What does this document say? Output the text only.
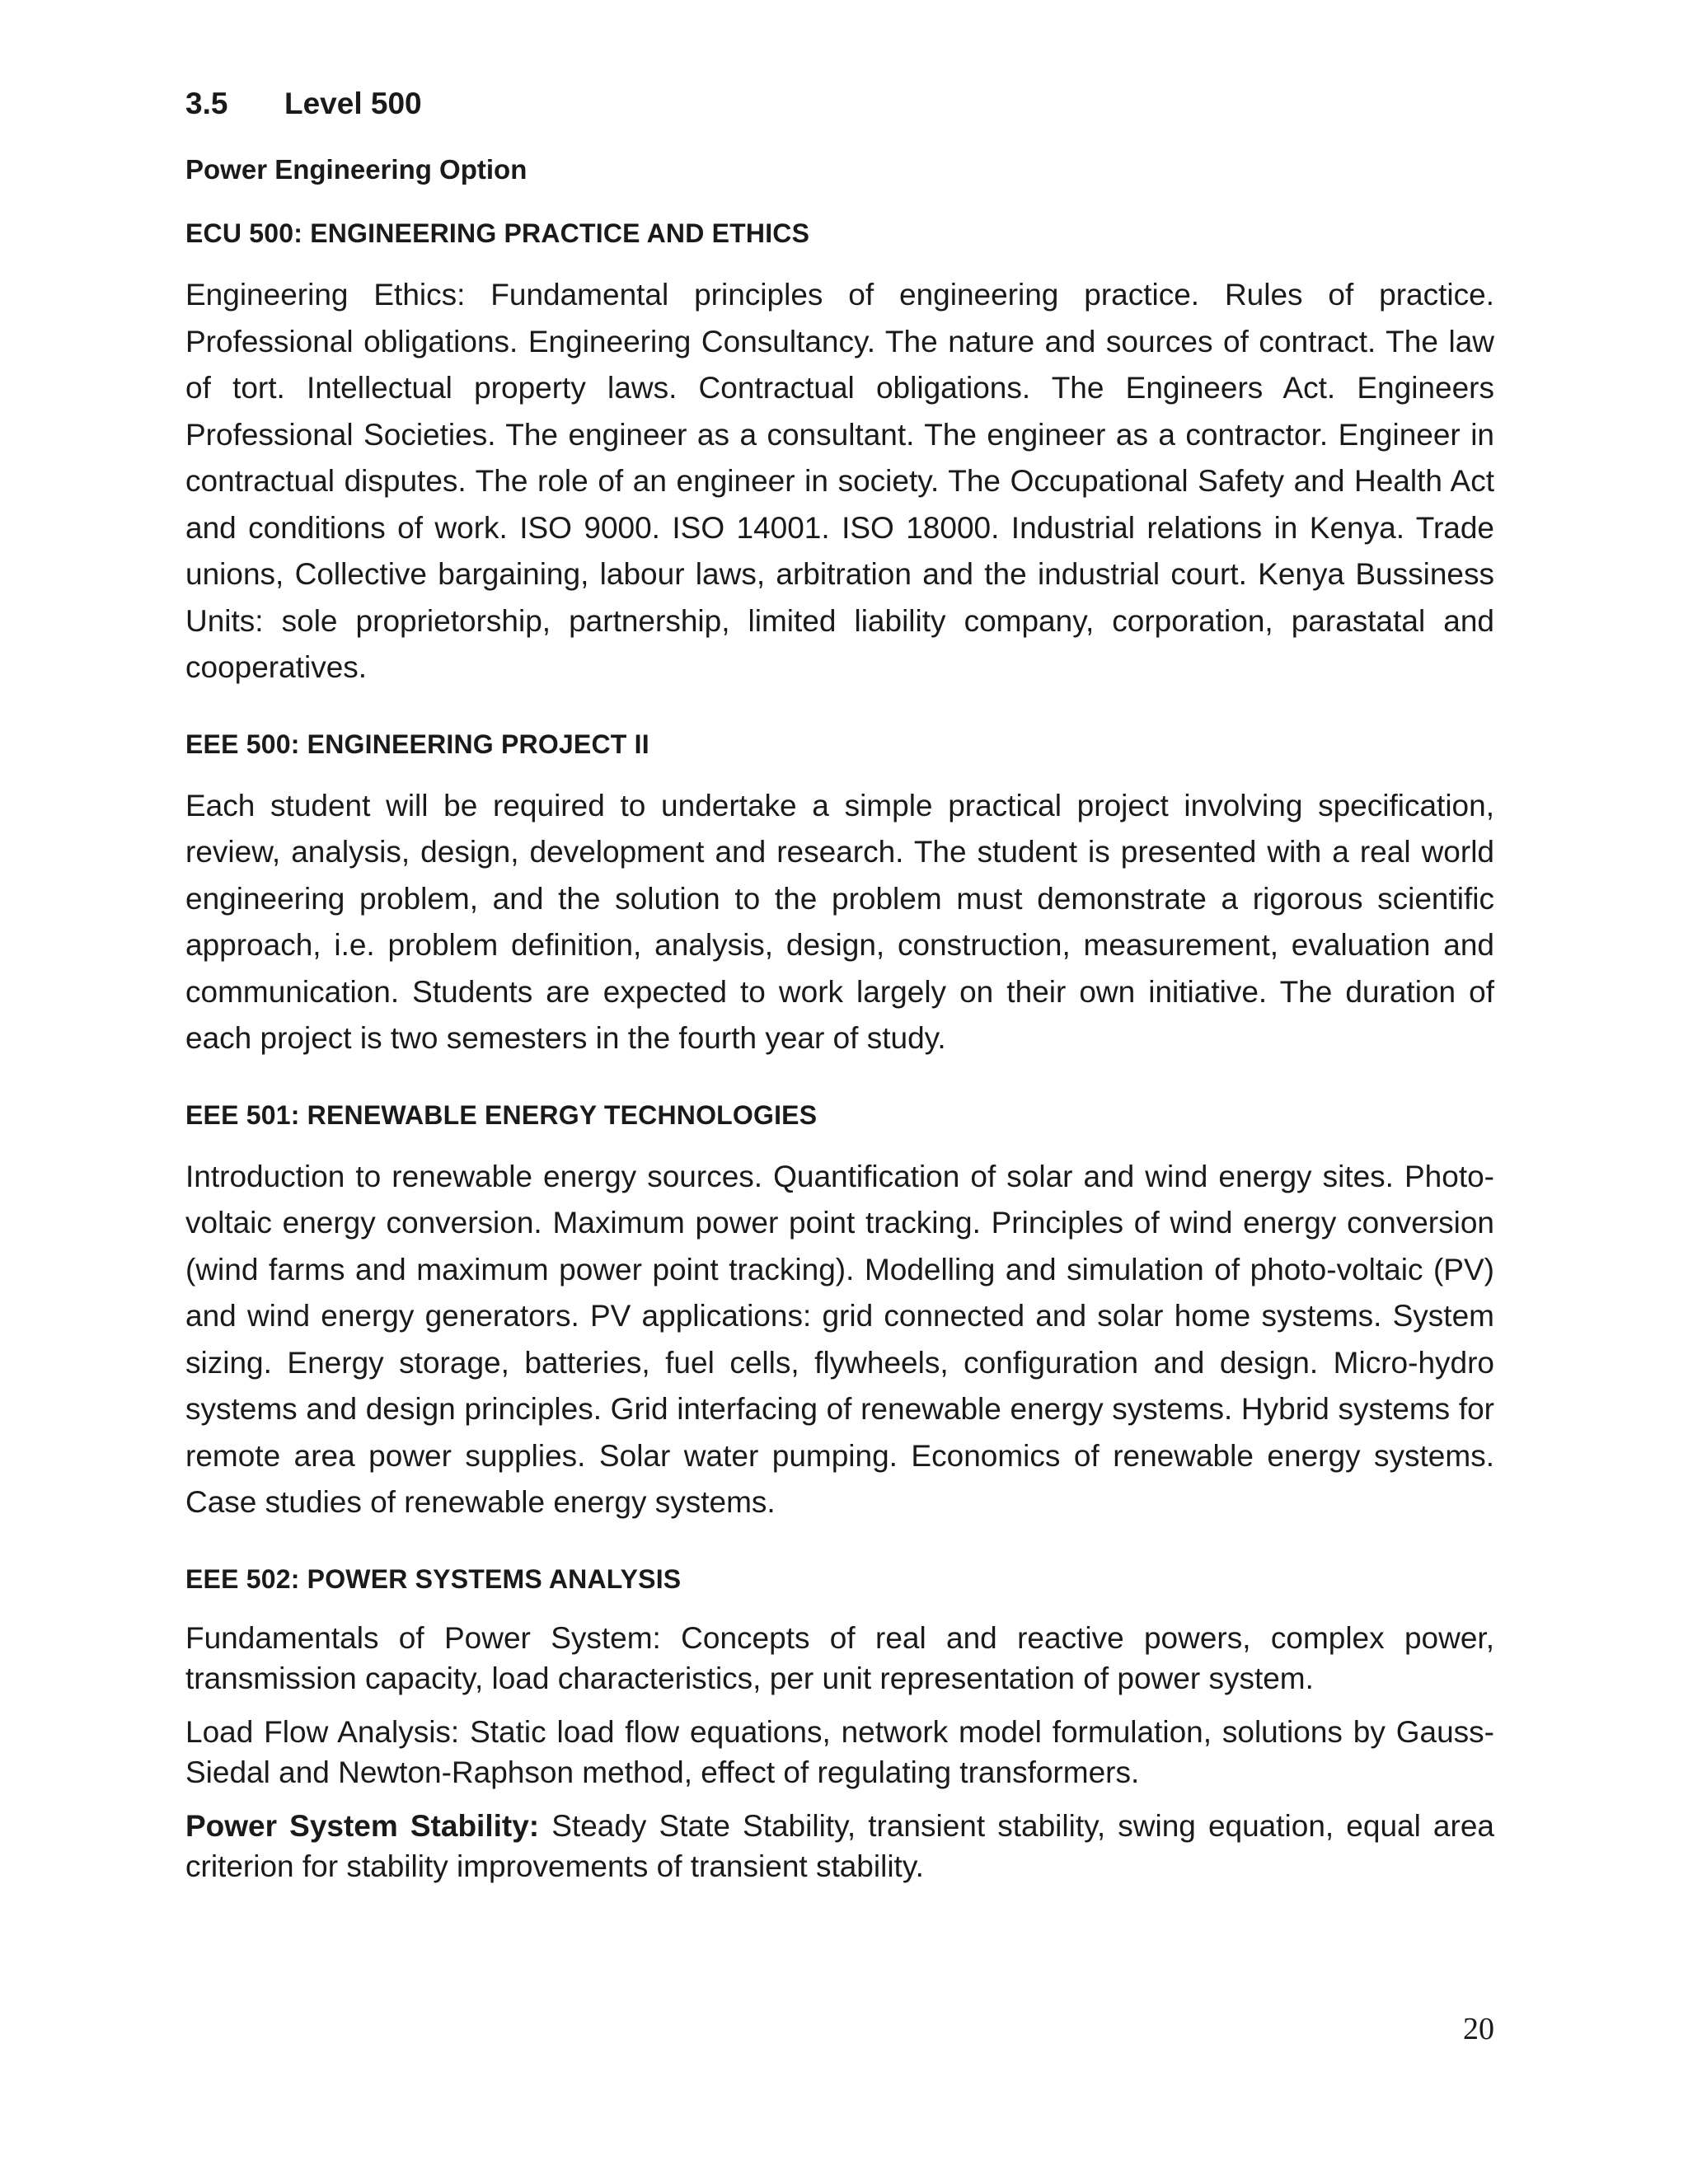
3.5	Level 500
Power Engineering Option
ECU 500: ENGINEERING PRACTICE AND ETHICS

Engineering Ethics: Fundamental principles of engineering practice. Rules of practice. Professional obligations. Engineering Consultancy. The nature and sources of contract. The law of tort. Intellectual property laws. Contractual obligations. The Engineers Act. Engineers Professional Societies. The engineer as a consultant. The engineer as a contractor. Engineer in contractual disputes. The role of an engineer in society. The Occupational Safety and Health Act and conditions of work. ISO 9000. ISO 14001. ISO 18000. Industrial relations in Kenya. Trade unions, Collective bargaining, labour laws, arbitration and the industrial court. Kenya Bussiness Units: sole proprietorship, partnership, limited liability company, corporation, parastatal and cooperatives.

EEE 500: ENGINEERING PROJECT II

Each student will be required to undertake a simple practical project involving specification, review, analysis, design, development and research. The student is presented with a real world engineering problem, and the solution to the problem must demonstrate a rigorous scientific approach, i.e. problem definition, analysis, design, construction, measurement, evaluation and communication. Students are expected to work largely on their own initiative. The duration of each project is two semesters in the fourth year of study.

EEE 501: RENEWABLE ENERGY TECHNOLOGIES

Introduction to renewable energy sources. Quantification of solar and wind energy sites. Photo-voltaic energy conversion. Maximum power point tracking. Principles of wind energy conversion (wind farms and maximum power point tracking). Modelling and simulation of photo-voltaic (PV) and wind energy generators. PV applications: grid connected and solar home systems. System sizing. Energy storage, batteries, fuel cells, flywheels, configuration and design. Micro-hydro systems and design principles. Grid interfacing of renewable energy systems. Hybrid systems for remote area power supplies. Solar water pumping. Economics of renewable energy systems. Case studies of renewable energy systems.

EEE 502: POWER SYSTEMS ANALYSIS

Fundamentals of Power System: Concepts of real and reactive powers, complex power, transmission capacity, load characteristics, per unit representation of power system.

Load Flow Analysis: Static load flow equations, network model formulation, solutions by Gauss-Siedal and Newton-Raphson method, effect of regulating transformers.

Power System Stability: Steady State Stability, transient stability, swing equation, equal area criterion for stability improvements of transient stability.

20
